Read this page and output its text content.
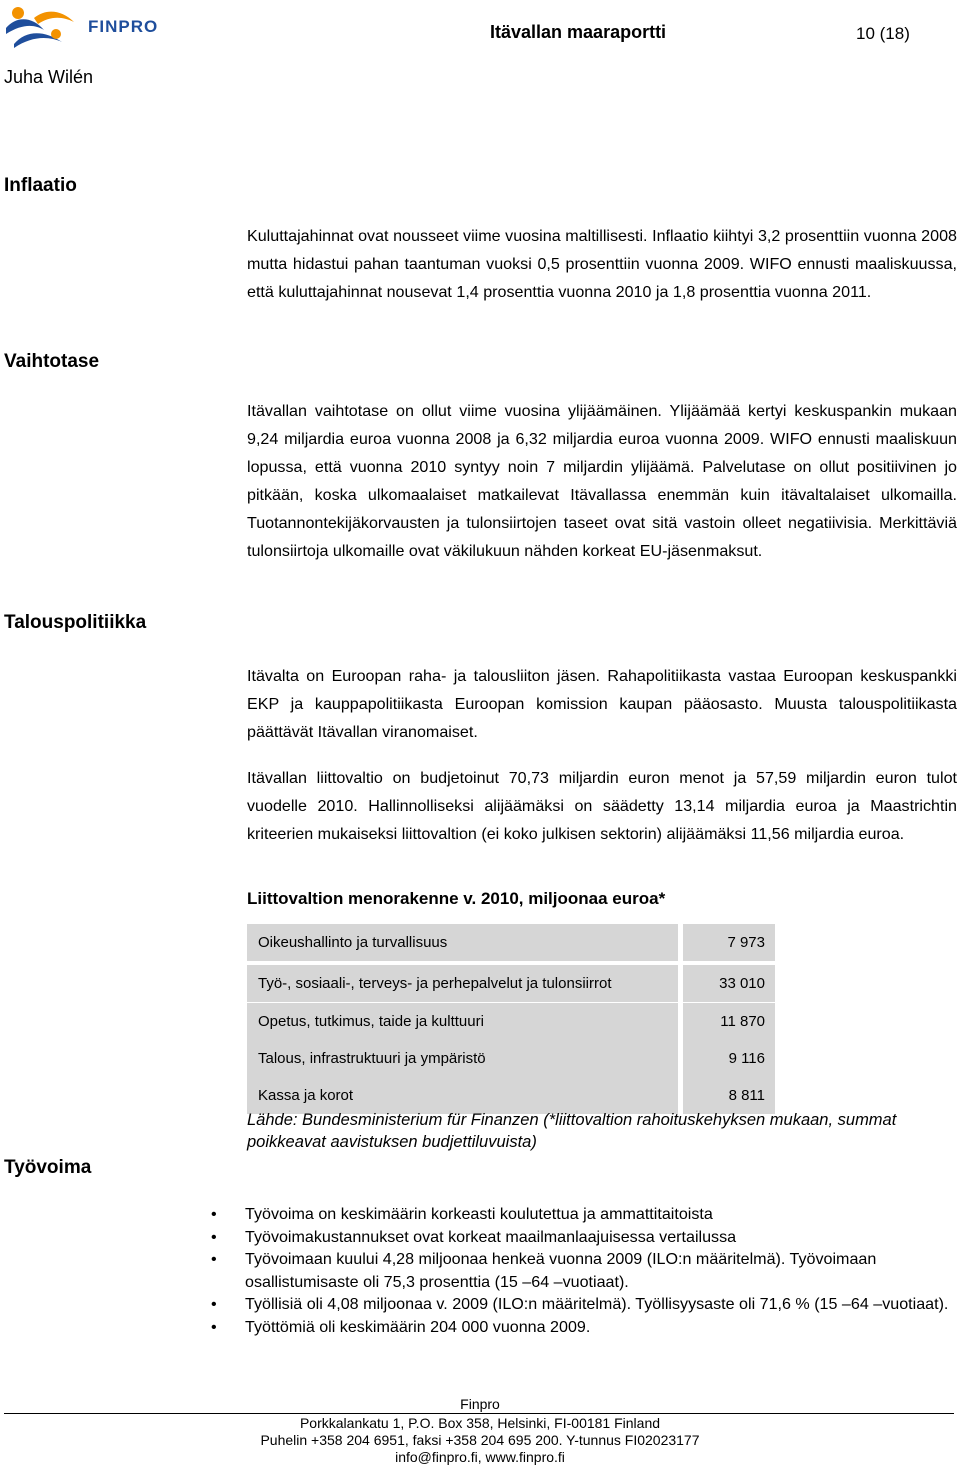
FINPRO	Itävallan maaraportti	10 (18)
Juha Wilén
Inflaatio
Vaihtotase
Talouspolitiikka
Työvoima

Kuluttajahinnat ovat nousseet viime vuosina maltillisesti. Inflaatio kiihtyi 3,2 prosenttiin vuonna 2008 mutta hidastui pahan taantuman vuoksi 0,5 prosenttiin vuonna 2009. WIFO ennusti maaliskuussa, että kuluttajahinnat nousevat 1,4 prosenttia vuonna 2010 ja 1,8 prosenttia vuonna 2011.

Itävallan vaihtotase on ollut viime vuosina ylijäämäinen. Ylijäämää kertyi keskuspankin mukaan 9,24 miljardia euroa vuonna 2008 ja 6,32 miljardia euroa vuonna 2009. WIFO ennusti maaliskuun lopussa, että vuonna 2010 syntyy noin 7 miljardin ylijäämä. Palvelutase on ollut positiivinen jo pitkään, koska ulkomaalaiset matkailevat Itävallassa enemmän kuin itävaltalaiset ulkomailla. Tuotannontekijäkorvausten ja tulonsiirtojen taseet ovat sitä vastoin olleet negatiivisia. Merkittäviä tulonsiirtoja ulkomaille ovat väkilukuun nähden korkeat EU-jäsenmaksut.

Itävalta on Euroopan raha- ja talousliiton jäsen. Rahapolitiikasta vastaa Euroopan keskuspankki EKP ja kauppapolitiikasta Euroopan komission kaupan pääosasto. Muusta talouspolitiikasta päättävät Itävallan viranomaiset.

Itävallan liittovaltio on budjetoinut 70,73 miljardin euron menot ja 57,59 miljardin euron tulot vuodelle 2010. Hallinnolliseksi alijäämäksi on säädetty 13,14 miljardia euroa ja Maastrichtin kriteerien mukaiseksi liittovaltion (ei koko julkisen sektorin) alijäämäksi 11,56 miljardia euroa.

Liittovaltion menorakenne v. 2010, miljoonaa euroa*
Oikeushallinto ja turvallisuus	7 973
Työ-, sosiaali-, terveys- ja perhepalvelut ja tulonsiirrot	33 010
Opetus, tutkimus, taide ja kulttuuri	11 870
Talous, infrastruktuuri ja ympäristö	9 116
Kassa ja korot	8 811
Lähde: Bundesministerium für Finanzen (*liittovaltion rahoituskehyksen mukaan, summat poikkeavat aavistuksen budjettiluvuista)
• Työvoima on keskimäärin korkeasti koulutettua ja ammattitaitoista
• Työvoimakustannukset ovat korkeat maailmanlaajuisessa vertailussa
• Työvoimaan kuului 4,28 miljoonaa henkeä vuonna 2009 (ILO:n määritelmä). Työvoimaan osallistumisaste oli 75,3 prosenttia (15 –64 –vuotiaat).
• Työllisiä oli 4,08 miljoonaa v. 2009 (ILO:n määritelmä). Työllisyysaste oli 71,6 % (15 –64 –vuotiaat).
• Työttömiä oli keskimäärin 204 000 vuonna 2009.
Finpro
Porkkalankatu 1, P.O. Box 358, Helsinki, FI-00181 Finland
Puhelin +358 204 6951, faksi +358 204 695 200. Y-tunnus FI02023177
info@finpro.fi, www.finpro.fi
